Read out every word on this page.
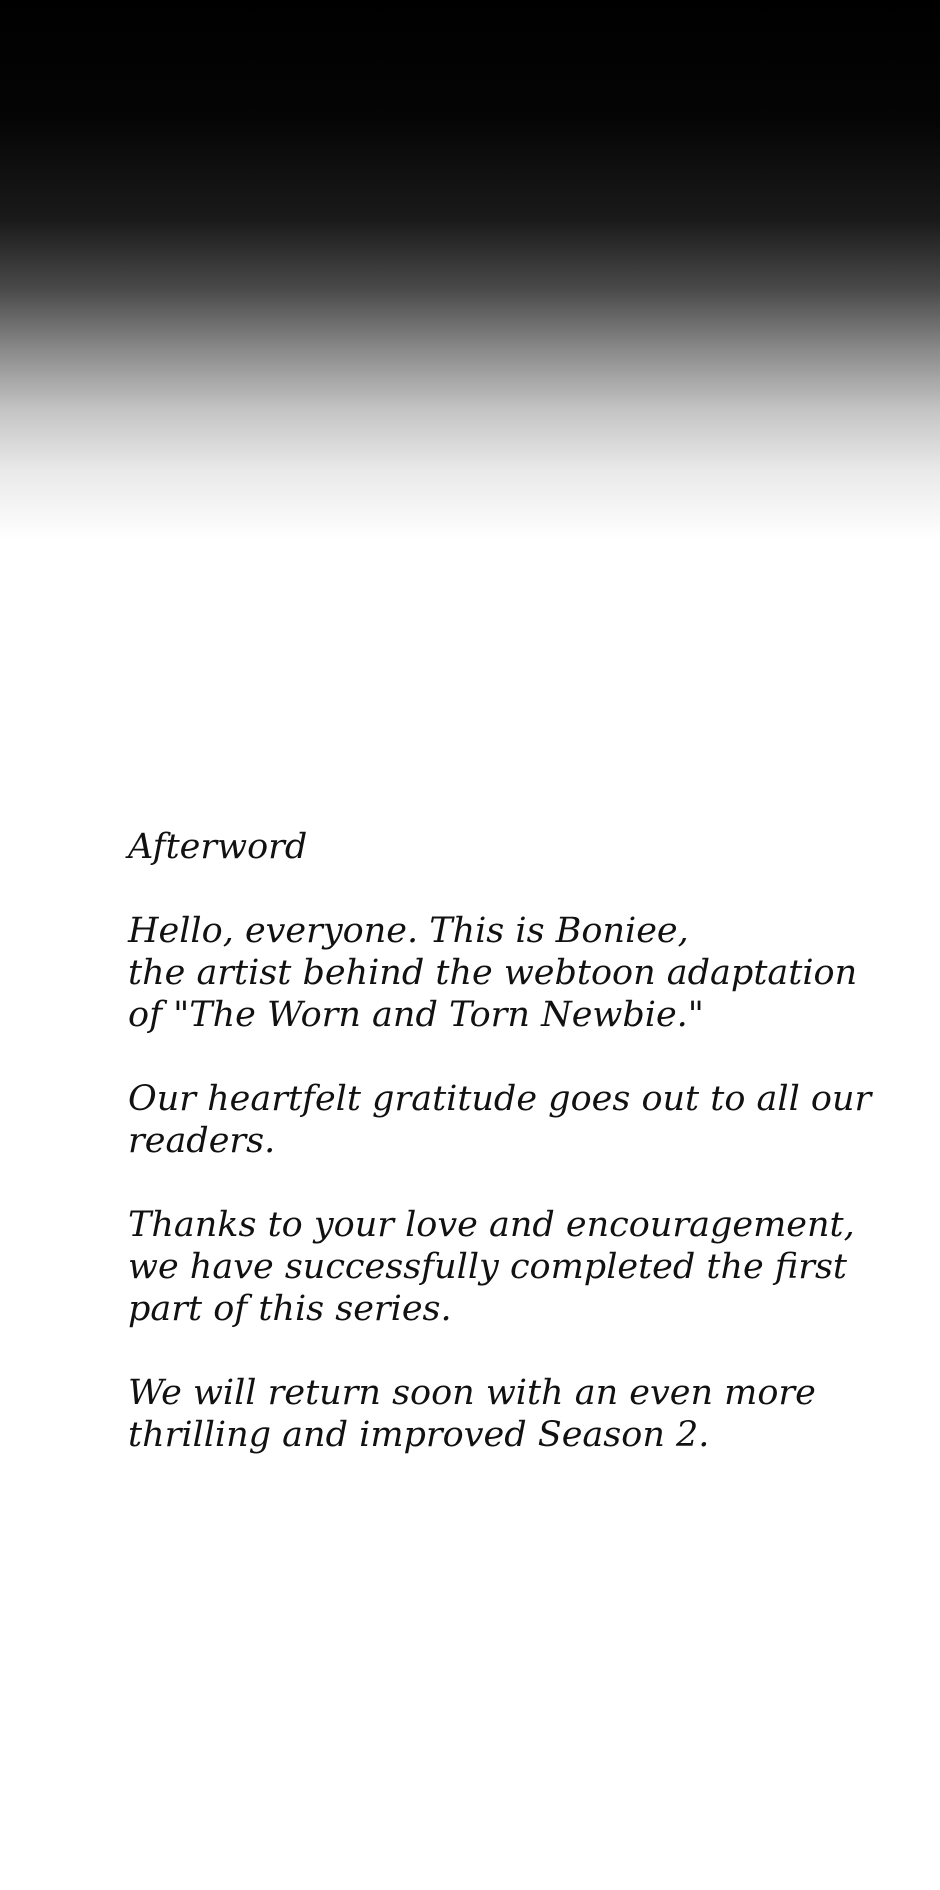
Afterword

Hello, everyone. This is Boniee,
the artist behind the webtoon adaptation
of "The Worn and Torn Newbie."

Our heartfelt gratitude goes out to all our
readers.

Thanks to your love and encouragement,
we have successfully completed the first
part of this series.

We will return soon with an even more
thrilling and improved Season 2.
